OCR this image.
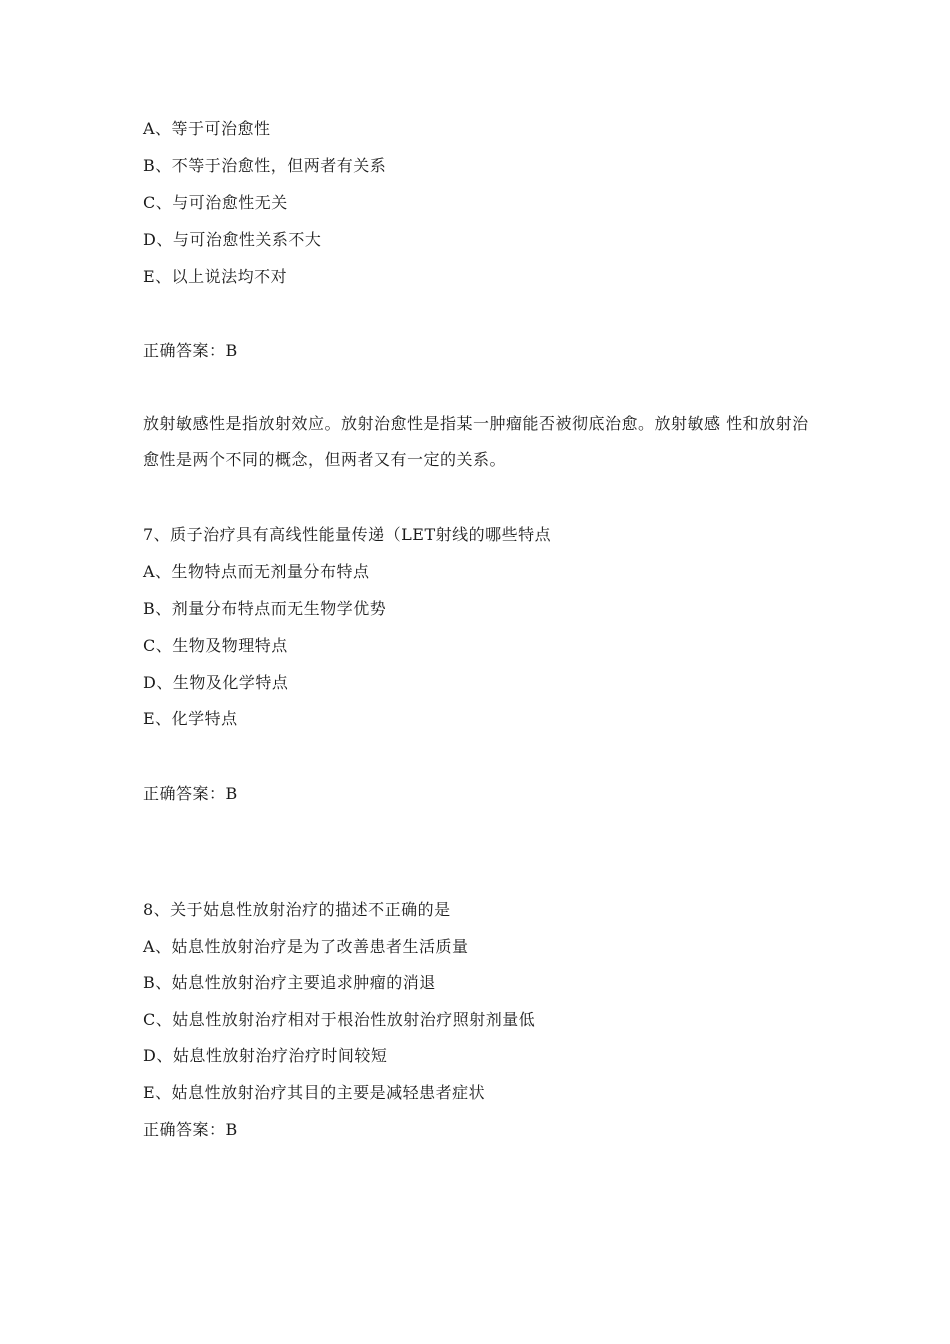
A、等于可治愈性
B、不等于治愈性，但两者有关系
C、与可治愈性无关
D、与可治愈性关系不大
E、以上说法均不对
正确答案：B
放射敏感性是指放射效应。放射治愈性是指某一肿瘤能否被彻底治愈。放射敏感 性和放射治愈性是两个不同的概念，但两者又有一定的关系。
7、质子治疗具有高线性能量传递（LET射线的哪些特点
A、生物特点而无剂量分布特点
B、剂量分布特点而无生物学优势
C、生物及物理特点
D、生物及化学特点
E、化学特点
正确答案：B
8、关于姑息性放射治疗的描述不正确的是
A、姑息性放射治疗是为了改善患者生活质量
B、姑息性放射治疗主要追求肿瘤的消退
C、姑息性放射治疗相对于根治性放射治疗照射剂量低
D、姑息性放射治疗治疗时间较短
E、姑息性放射治疗其目的主要是减轻患者症状
正确答案：B
